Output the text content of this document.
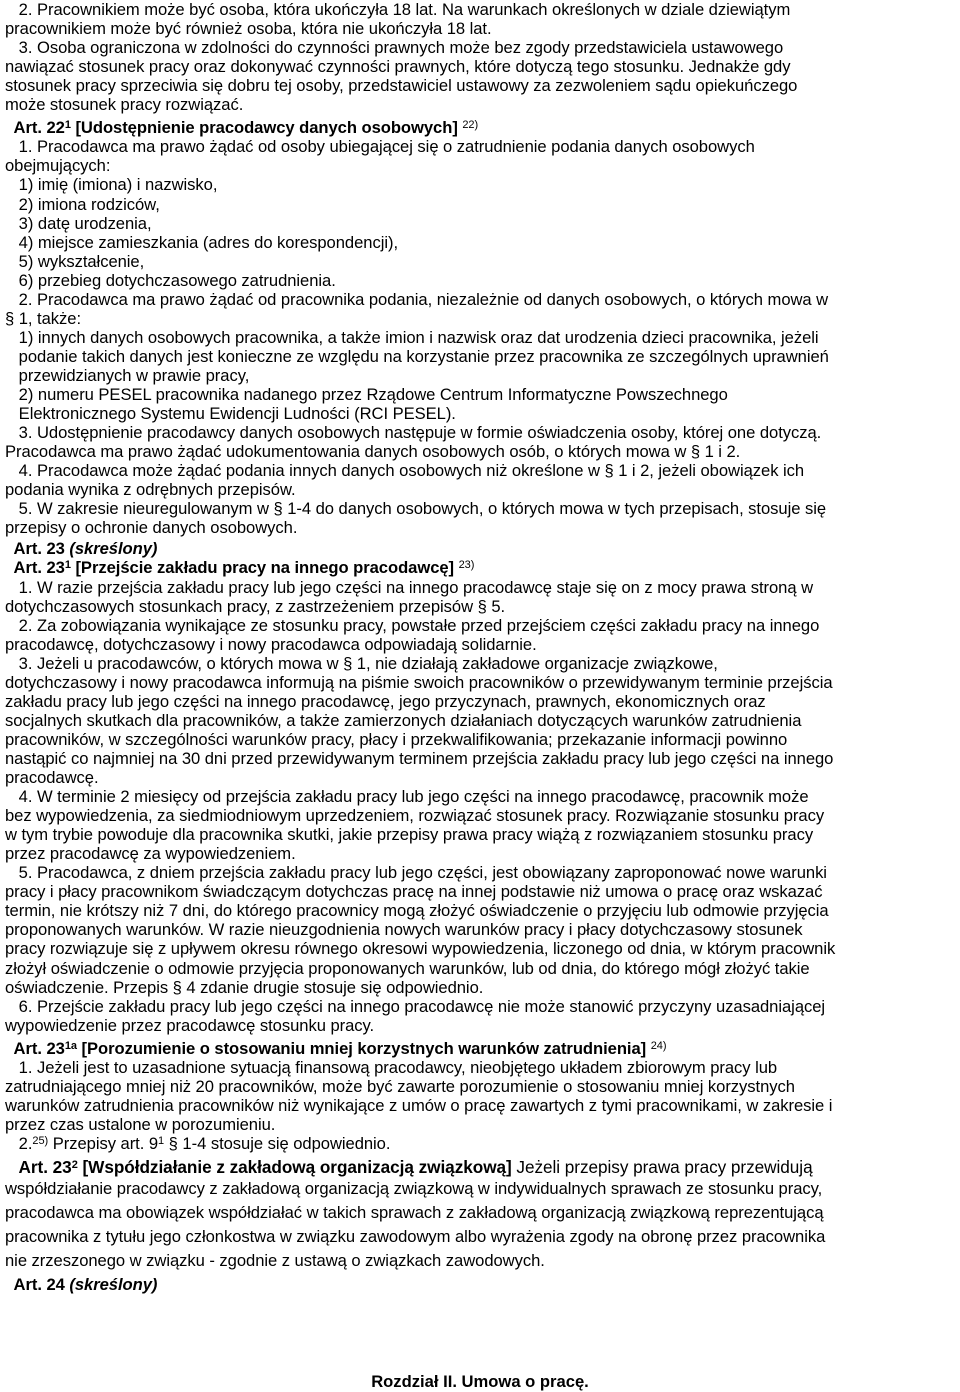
2. Pracownikiem może być osoba, która ukończyła 18 lat. Na warunkach określonych w dziale dziewiątym
pracownikiem może być również osoba, która nie ukończyła 18 lat.
3. Osoba ograniczona w zdolności do czynności prawnych może bez zgody przedstawiciela ustawowego
nawiązać stosunek pracy oraz dokonywać czynności prawnych, które dotyczą tego stosunku. Jednakże gdy
stosunek pracy sprzeciwia się dobru tej osoby, przedstawiciel ustawowy za zezwoleniem sądu opiekuńczego
może stosunek pracy rozwiązać.
Art. $22^1$ [Udostępnienie pracodawcy danych osobowych] $^{22)}$
1. Pracodawca ma prawo żądać od osoby ubiegającej się o zatrudnienie podania danych osobowych
obejmujących:
1) imię (imiona) i nazwisko,
2) imiona rodziców,
3) datę urodzenia,
4) miejsce zamieszkania (adres do korespondencji),
5) wykształcenie,
6) przebieg dotychczasowego zatrudnienia.
2. Pracodawca ma prawo żądać od pracownika podania, niezależnie od danych osobowych, o których mowa w
§ 1, także:
1) innych danych osobowych pracownika, a także imion i nazwisk oraz dat urodzenia dzieci pracownika, jeżeli
podanie takich danych jest konieczne ze względu na korzystanie przez pracownika ze szczególnych uprawnień
przewidzianych w prawie pracy,
2) numeru PESEL pracownika nadanego przez Rządowe Centrum Informatyczne Powszechnego
Elektronicznego Systemu Ewidencji Ludności (RCI PESEL).
3. Udostępnienie pracodawcy danych osobowych następuje w formie oświadczenia osoby, której one dotyczą.
Pracodawca ma prawo żądać udokumentowania danych osobowych osób, o których mowa w § 1 i 2.
4. Pracodawca może żądać podania innych danych osobowych niż określone w § 1 i 2, jeżeli obowiązek ich
podania wynika z odrębnych przepisów.
5. W zakresie nieuregulowanym w § 1-4 do danych osobowych, o których mowa w tych przepisach, stosuje się
przepisy o ochronie danych osobowych.
Art. 23 (skreślony)
Art. $23^1$ [Przejście zakładu pracy na innego pracodawcę] $^{23)}$
1. W razie przejścia zakładu pracy lub jego części na innego pracodawcę staje się on z mocy prawa stroną w
dotychczasowych stosunkach pracy, z zastrzeżeniem przepisów § 5.
2. Za zobowiązania wynikające ze stosunku pracy, powstałe przed przejściem części zakładu pracy na innego
pracodawcę, dotychczasowy i nowy pracodawca odpowiadają solidarnie.
3. Jeżeli u pracodawców, o których mowa w § 1, nie działają zakładowe organizacje związkowe,
dotychczasowy i nowy pracodawca informują na piśmie swoich pracowników o przewidywanym terminie przejścia
zakładu pracy lub jego części na innego pracodawcę, jego przyczynach, prawnych, ekonomicznych oraz
socjalnych skutkach dla pracowników, a także zamierzonych działaniach dotyczących warunków zatrudnienia
pracowników, w szczególności warunków pracy, płacy i przekwalifikowania; przekazanie informacji powinno
nastąpić co najmniej na 30 dni przed przewidywanym terminem przejścia zakładu pracy lub jego części na innego
pracodawcę.
4. W terminie 2 miesięcy od przejścia zakładu pracy lub jego części na innego pracodawcę, pracownik może
bez wypowiedzenia, za siedmiodniowym uprzedzeniem, rozwiązać stosunek pracy. Rozwiązanie stosunku pracy
w tym trybie powoduje dla pracownika skutki, jakie przepisy prawa pracy wiążą z rozwiązaniem stosunku pracy
przez pracodawcę za wypowiedzeniem.
5. Pracodawca, z dniem przejścia zakładu pracy lub jego części, jest obowiązany zaproponować nowe warunki
pracy i płacy pracownikom świadczącym dotychczas pracę na innej podstawie niż umowa o pracę oraz wskazać
termin, nie krótszy niż 7 dni, do którego pracownicy mogą złożyć oświadczenie o przyjęciu lub odmowie przyjęcia
proponowanych warunków. W razie nieuzgodnienia nowych warunków pracy i płacy dotychczasowy stosunek
pracy rozwiązuje się z upływem okresu równego okresowi wypowiedzenia, liczonego od dnia, w którym pracownik
złożył oświadczenie o odmowie przyjęcia proponowanych warunków, lub od dnia, do którego mógł złożyć takie
oświadczenie. Przepis § 4 zdanie drugie stosuje się odpowiednio.
6. Przejście zakładu pracy lub jego części na innego pracodawcę nie może stanowić przyczyny uzasadniającej
wypowiedzenie przez pracodawcę stosunku pracy.
Art. $23^{1a}$ [Porozumienie o stosowaniu mniej korzystnych warunków zatrudnienia] $^{24)}$
1. Jeżeli jest to uzasadnione sytuacją finansową pracodawcy, nieobjętego układem zbiorowym pracy lub
zatrudniającego mniej niż 20 pracowników, może być zawarte porozumienie o stosowaniu mniej korzystnych
warunków zatrudnienia pracowników niż wynikające z umów o pracę zawartych z tymi pracownikami, w zakresie i
przez czas ustalone w porozumieniu.
2.$^{25)}$ Przepisy art. $9^1$ § 1-4 stosuje się odpowiednio.
Art. $23^2$ [Współdziałanie z zakładową organizacją związkową] Jeżeli przepisy prawa pracy przewidują
współdziałanie pracodawcy z zakładową organizacją związkową w indywidualnych sprawach ze stosunku pracy,
pracodawca ma obowiązek współdziałać w takich sprawach z zakładową organizacją związkową reprezentującą
pracownika z tytułu jego członkostwa w związku zawodowym albo wyrażenia zgody na obronę przez pracownika
nie zrzeszonego w związku - zgodnie z ustawą o związkach zawodowych.
Art. 24 (skreślony)
Rozdział II. Umowa o pracę.
